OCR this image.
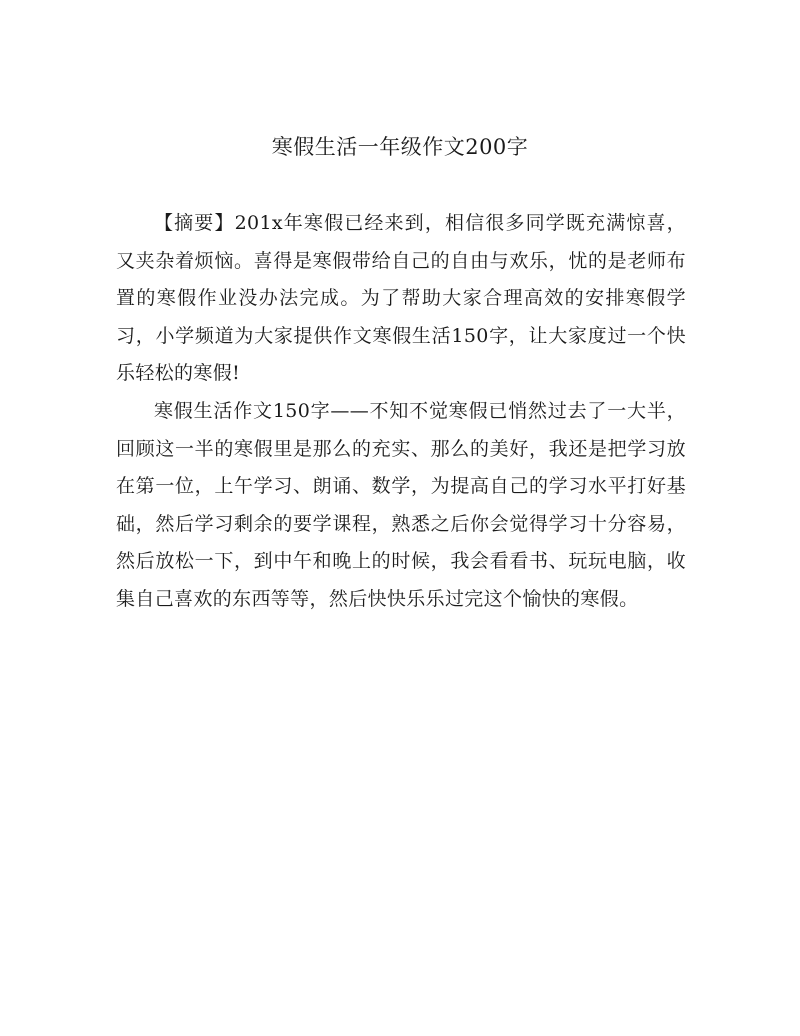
寒假生活一年级作文200字

【摘要】201x年寒假已经来到，相信很多同学既充满惊喜，又夹杂着烦恼。喜得是寒假带给自己的自由与欢乐，忧的是老师布置的寒假作业没办法完成。为了帮助大家合理高效的安排寒假学习，小学频道为大家提供作文寒假生活150字，让大家度过一个快乐轻松的寒假!

寒假生活作文150字——不知不觉寒假已悄然过去了一大半，回顾这一半的寒假里是那么的充实、那么的美好，我还是把学习放在第一位，上午学习、朗诵、数学，为提高自己的学习水平打好基础，然后学习剩余的要学课程，熟悉之后你会觉得学习十分容易，然后放松一下，到中午和晚上的时候，我会看看书、玩玩电脑，收集自己喜欢的东西等等，然后快快乐乐过完这个愉快的寒假。
